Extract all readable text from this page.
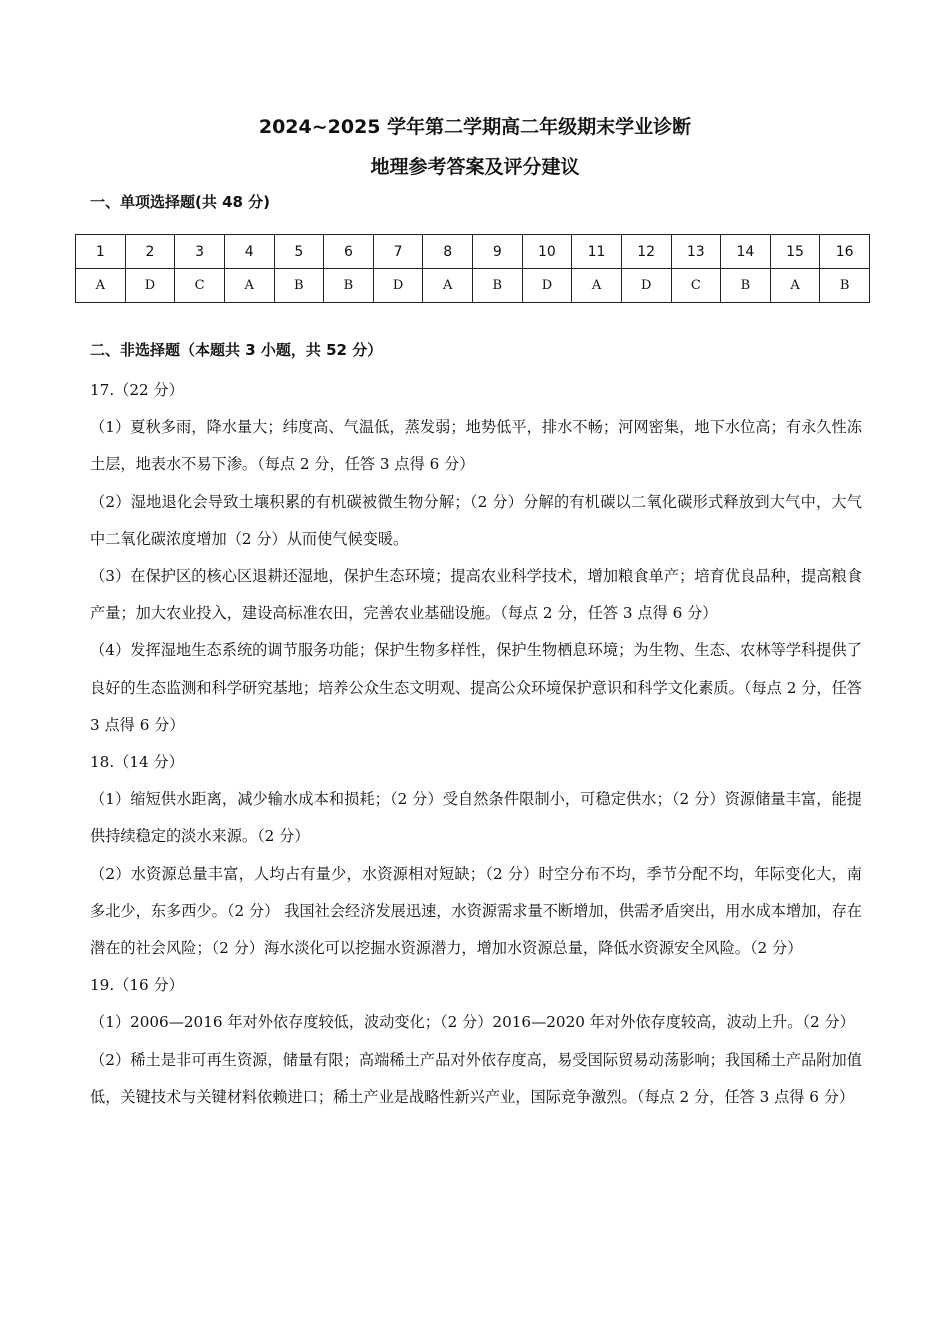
2024~2025 学年第二学期高二年级期末学业诊断
地理参考答案及评分建议
一、单项选择题(共 48 分)
1	2	3	4	5	6	7	8	9	10	11	12	13	14	15	16
A	D	C	A	B	B	D	A	B	D	A	D	C	B	A	B
二、非选择题（本题共 3 小题，共 52 分）

17.（22 分）

（1）夏秋多雨，降水量大；纬度高、气温低，蒸发弱；地势低平，排水不畅；河网密集，地下水位高；有永久性冻土层，地表水不易下渗。（每点 2 分，任答 3 点得 6 分）

（2）湿地退化会导致土壤积累的有机碳被微生物分解；（2 分）分解的有机碳以二氧化碳形式释放到大气中，大气中二氧化碳浓度增加（2 分）从而使气候变暖。

（3）在保护区的核心区退耕还湿地，保护生态环境；提高农业科学技术，增加粮食单产；培育优良品种，提高粮食产量；加大农业投入，建设高标准农田，完善农业基础设施。（每点 2 分，任答 3 点得 6 分）

（4）发挥湿地生态系统的调节服务功能；保护生物多样性，保护生物栖息环境；为生物、生态、农林等学科提供了良好的生态监测和科学研究基地；培养公众生态文明观、提高公众环境保护意识和科学文化素质。（每点 2 分，任答 3 点得 6 分）

18.（14 分）

（1）缩短供水距离，减少输水成本和损耗；（2 分）受自然条件限制小，可稳定供水；（2 分）资源储量丰富，能提供持续稳定的淡水来源。（2 分）

（2）水资源总量丰富，人均占有量少，水资源相对短缺；（2 分）时空分布不均，季节分配不均，年际变化大，南多北少，东多西少。（2 分） 我国社会经济发展迅速，水资源需求量不断增加，供需矛盾突出，用水成本增加，存在潜在的社会风险；（2 分）海水淡化可以挖掘水资源潜力，增加水资源总量，降低水资源安全风险。（2 分）

19.（16 分）

（1）2006—2016 年对外依存度较低，波动变化；（2 分）2016—2020 年对外依存度较高，波动上升。（2 分）

（2）稀土是非可再生资源，储量有限；高端稀土产品对外依存度高，易受国际贸易动荡影响；我国稀土产品附加值低，关键技术与关键材料依赖进口；稀土产业是战略性新兴产业，国际竞争激烈。（每点 2 分，任答 3 点得 6 分）
